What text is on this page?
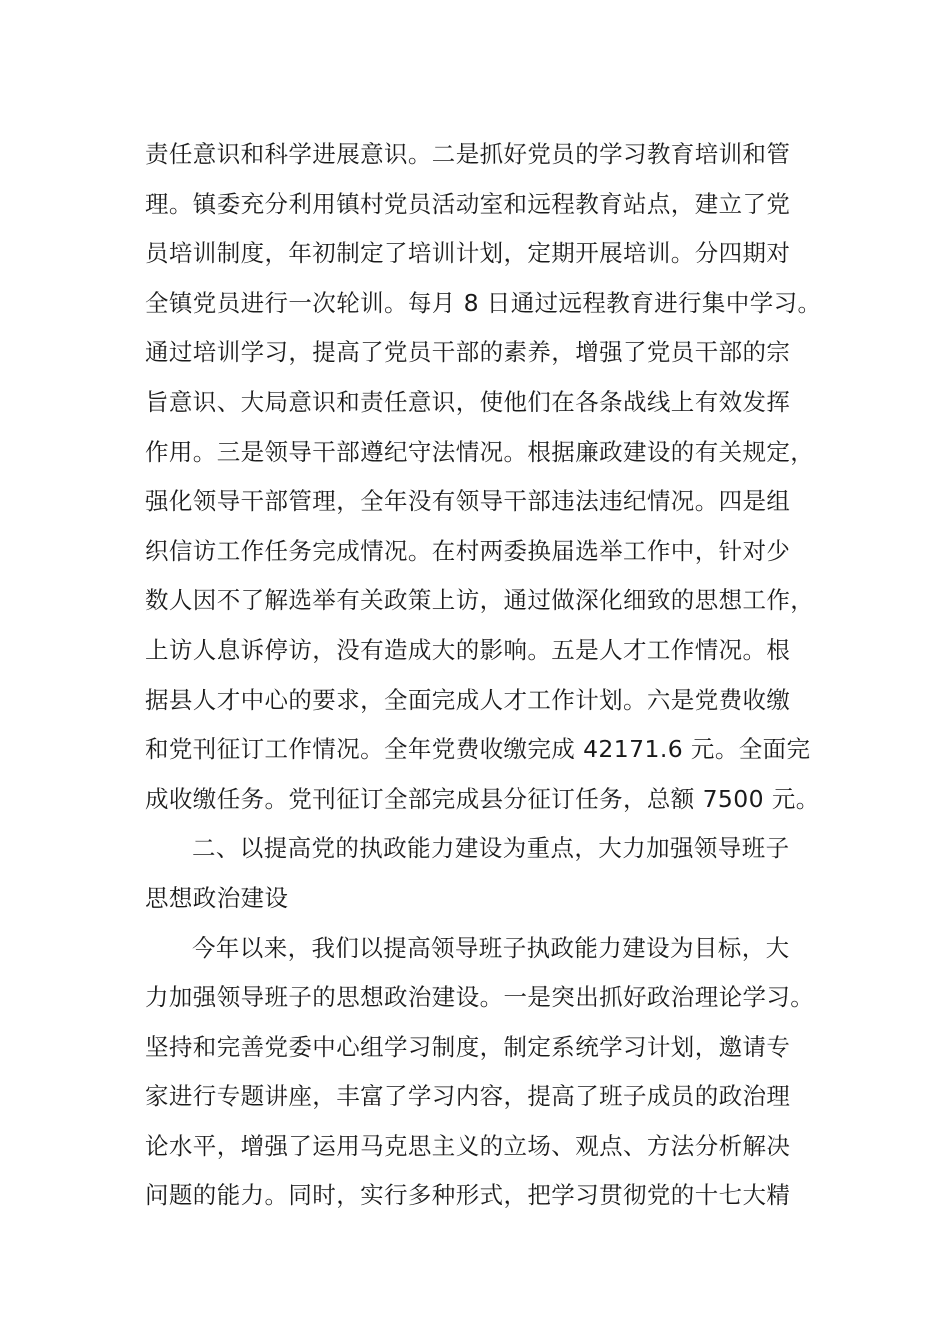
责任意识和科学进展意识。二是抓好党员的学习教育培训和管
理。镇委充分利用镇村党员活动室和远程教育站点，建立了党
员培训制度，年初制定了培训计划，定期开展培训。分四期对
全镇党员进行一次轮训。每月 8 日通过远程教育进行集中学习。
通过培训学习，提高了党员干部的素养，增强了党员干部的宗
旨意识、大局意识和责任意识，使他们在各条战线上有效发挥
作用。三是领导干部遵纪守法情况。根据廉政建设的有关规定，
强化领导干部管理，全年没有领导干部违法违纪情况。四是组
织信访工作任务完成情况。在村两委换届选举工作中，针对少
数人因不了解选举有关政策上访，通过做深化细致的思想工作，
上访人息诉停访，没有造成大的影响。五是人才工作情况。根
据县人才中心的要求，全面完成人才工作计划。六是党费收缴
和党刊征订工作情况。全年党费收缴完成 42171.6 元。全面完
成收缴任务。党刊征订全部完成县分征订任务，总额 7500 元。
二、以提高党的执政能力建设为重点，大力加强领导班子
思想政治建设
今年以来，我们以提高领导班子执政能力建设为目标，大
力加强领导班子的思想政治建设。一是突出抓好政治理论学习。
坚持和完善党委中心组学习制度，制定系统学习计划，邀请专
家进行专题讲座，丰富了学习内容，提高了班子成员的政治理
论水平，增强了运用马克思主义的立场、观点、方法分析解决
问题的能力。同时，实行多种形式，把学习贯彻党的十七大精
